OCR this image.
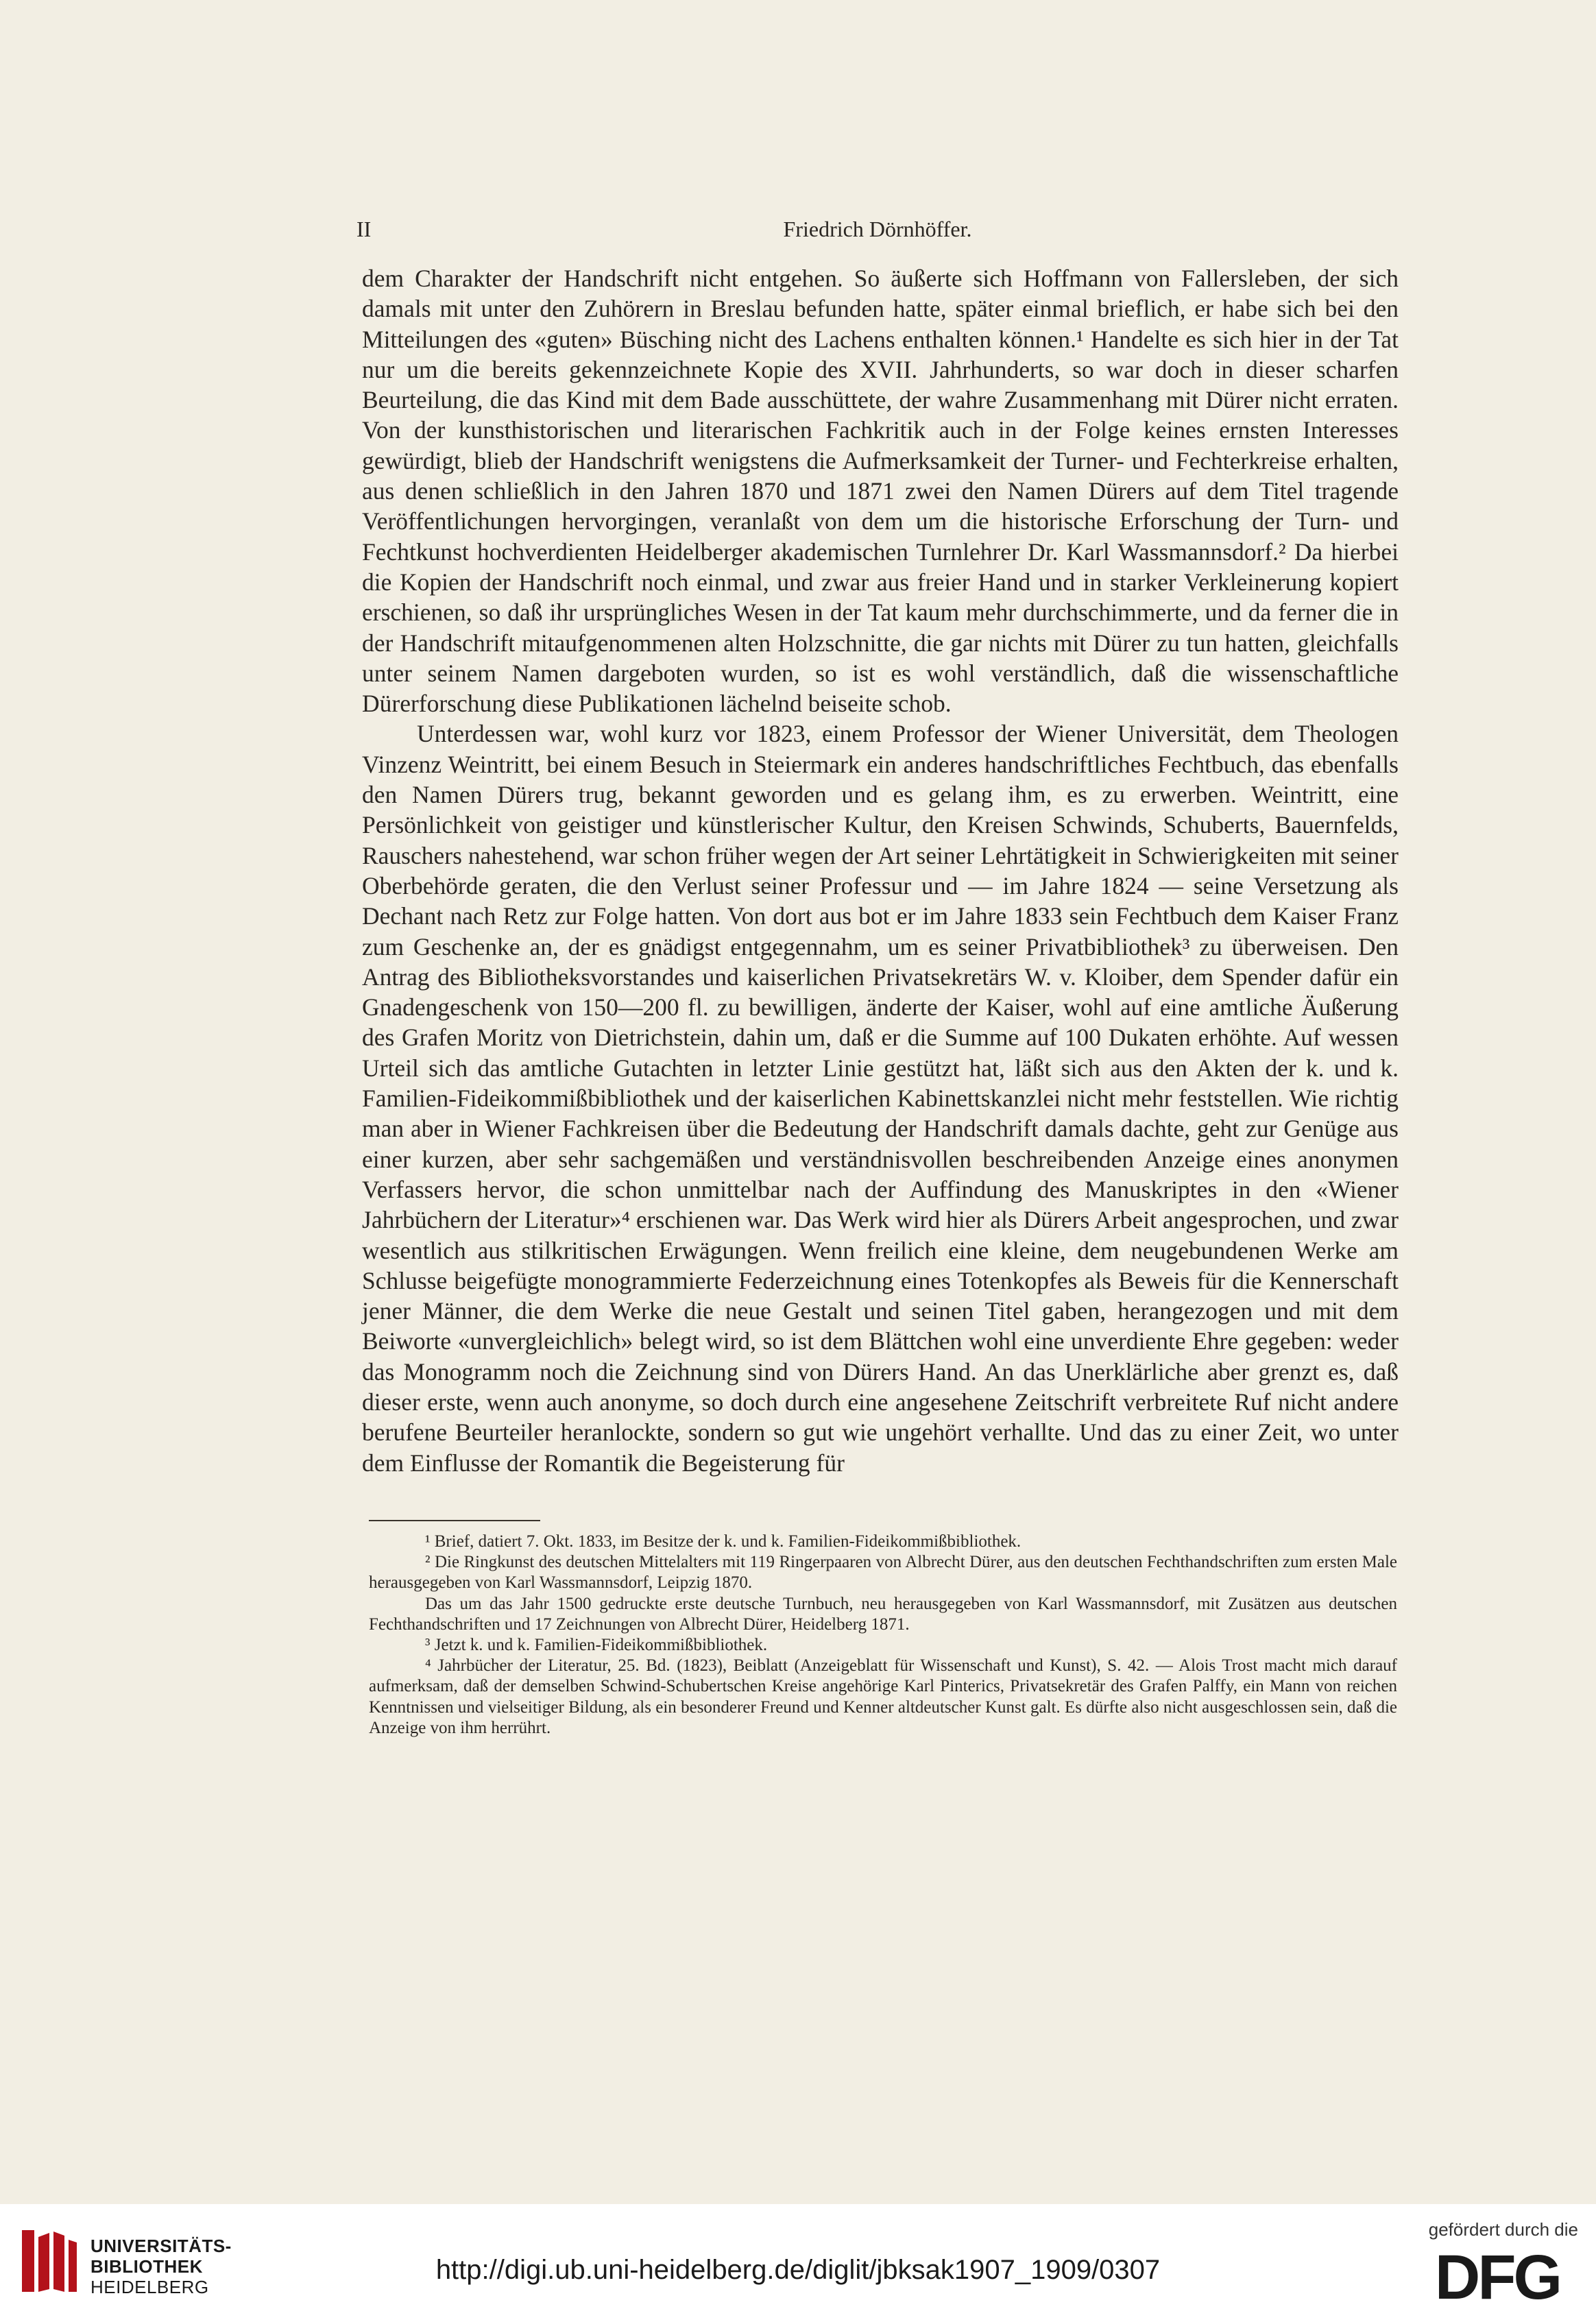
II	Friedrich Dörnhöffer.

dem Charakter der Handschrift nicht entgehen. So äußerte sich Hoffmann von Fallersleben, der sich damals mit unter den Zuhörern in Breslau befunden hatte, später einmal brieflich, er habe sich bei den Mitteilungen des «guten» Büsching nicht des Lachens enthalten können.¹ Handelte es sich hier in der Tat nur um die bereits gekennzeichnete Kopie des XVII. Jahrhunderts, so war doch in dieser scharfen Beurteilung, die das Kind mit dem Bade ausschüttete, der wahre Zusammenhang mit Dürer nicht erraten. Von der kunsthistorischen und literarischen Fachkritik auch in der Folge keines ernsten Interesses gewürdigt, blieb der Handschrift wenigstens die Aufmerksamkeit der Turner- und Fechterkreise erhalten, aus denen schließlich in den Jahren 1870 und 1871 zwei den Namen Dürers auf dem Titel tragende Veröffentlichungen hervorgingen, veranlaßt von dem um die historische Erforschung der Turn- und Fechtkunst hochverdienten Heidelberger akademischen Turnlehrer Dr. Karl Wassmannsdorf.² Da hierbei die Kopien der Handschrift noch einmal, und zwar aus freier Hand und in starker Verkleinerung kopiert erschienen, so daß ihr ursprüngliches Wesen in der Tat kaum mehr durchschimmerte, und da ferner die in der Handschrift mitaufgenommenen alten Holzschnitte, die gar nichts mit Dürer zu tun hatten, gleichfalls unter seinem Namen dargeboten wurden, so ist es wohl verständlich, daß die wissenschaftliche Dürerforschung diese Publikationen lächelnd beiseite schob.

Unterdessen war, wohl kurz vor 1823, einem Professor der Wiener Universität, dem Theologen Vinzenz Weintritt, bei einem Besuch in Steiermark ein anderes handschriftliches Fechtbuch, das ebenfalls den Namen Dürers trug, bekannt geworden und es gelang ihm, es zu erwerben. Weintritt, eine Persönlichkeit von geistiger und künstlerischer Kultur, den Kreisen Schwinds, Schuberts, Bauernfelds, Rauschers nahestehend, war schon früher wegen der Art seiner Lehrtätigkeit in Schwierigkeiten mit seiner Oberbehörde geraten, die den Verlust seiner Professur und — im Jahre 1824 — seine Versetzung als Dechant nach Retz zur Folge hatten. Von dort aus bot er im Jahre 1833 sein Fechtbuch dem Kaiser Franz zum Geschenke an, der es gnädigst entgegennahm, um es seiner Privatbibliothek³ zu überweisen. Den Antrag des Bibliotheksvorstandes und kaiserlichen Privatsekretärs W. v. Kloiber, dem Spender dafür ein Gnadengeschenk von 150—200 fl. zu bewilligen, änderte der Kaiser, wohl auf eine amtliche Äußerung des Grafen Moritz von Dietrichstein, dahin um, daß er die Summe auf 100 Dukaten erhöhte. Auf wessen Urteil sich das amtliche Gutachten in letzter Linie gestützt hat, läßt sich aus den Akten der k. und k. Familien-Fideikommißbibliothek und der kaiserlichen Kabinettskanzlei nicht mehr feststellen. Wie richtig man aber in Wiener Fachkreisen über die Bedeutung der Handschrift damals dachte, geht zur Genüge aus einer kurzen, aber sehr sachgemäßen und verständnisvollen beschreibenden Anzeige eines anonymen Verfassers hervor, die schon unmittelbar nach der Auffindung des Manuskriptes in den «Wiener Jahrbüchern der Literatur»⁴ erschienen war. Das Werk wird hier als Dürers Arbeit angesprochen, und zwar wesentlich aus stilkritischen Erwägungen. Wenn freilich eine kleine, dem neugebundenen Werke am Schlusse beigefügte monogrammierte Federzeichnung eines Totenkopfes als Beweis für die Kennerschaft jener Männer, die dem Werke die neue Gestalt und seinen Titel gaben, herangezogen und mit dem Beiworte «unvergleichlich» belegt wird, so ist dem Blättchen wohl eine unverdiente Ehre gegeben: weder das Monogramm noch die Zeichnung sind von Dürers Hand. An das Unerklärliche aber grenzt es, daß dieser erste, wenn auch anonyme, so doch durch eine angesehene Zeitschrift verbreitete Ruf nicht andere berufene Beurteiler heranlockte, sondern so gut wie ungehört verhallte. Und das zu einer Zeit, wo unter dem Einflusse der Romantik die Begeisterung für

¹ Brief, datiert 7. Okt. 1833, im Besitze der k. und k. Familien-Fideikommißbibliothek.

² Die Ringkunst des deutschen Mittelalters mit 119 Ringerpaaren von Albrecht Dürer, aus den deutschen Fechthandschriften zum ersten Male herausgegeben von Karl Wassmannsdorf, Leipzig 1870.

Das um das Jahr 1500 gedruckte erste deutsche Turnbuch, neu herausgegeben von Karl Wassmannsdorf, mit Zusätzen aus deutschen Fechthandschriften und 17 Zeichnungen von Albrecht Dürer, Heidelberg 1871.

³ Jetzt k. und k. Familien-Fideikommißbibliothek.

⁴ Jahrbücher der Literatur, 25. Bd. (1823), Beiblatt (Anzeigeblatt für Wissenschaft und Kunst), S. 42. — Alois Trost macht mich darauf aufmerksam, daß der demselben Schwind-Schubertschen Kreise angehörige Karl Pinterics, Privatsekretär des Grafen Palffy, ein Mann von reichen Kenntnissen und vielseitiger Bildung, als ein besonderer Freund und Kenner altdeutscher Kunst galt. Es dürfte also nicht ausgeschlossen sein, daß die Anzeige von ihm herrührt.

UNIVERSITÄTS-
BIBLIOTHEK
HEIDELBERG
http://digi.ub.uni-heidelberg.de/diglit/jbksak1907_1909/0307
gefördert durch die
DFG
